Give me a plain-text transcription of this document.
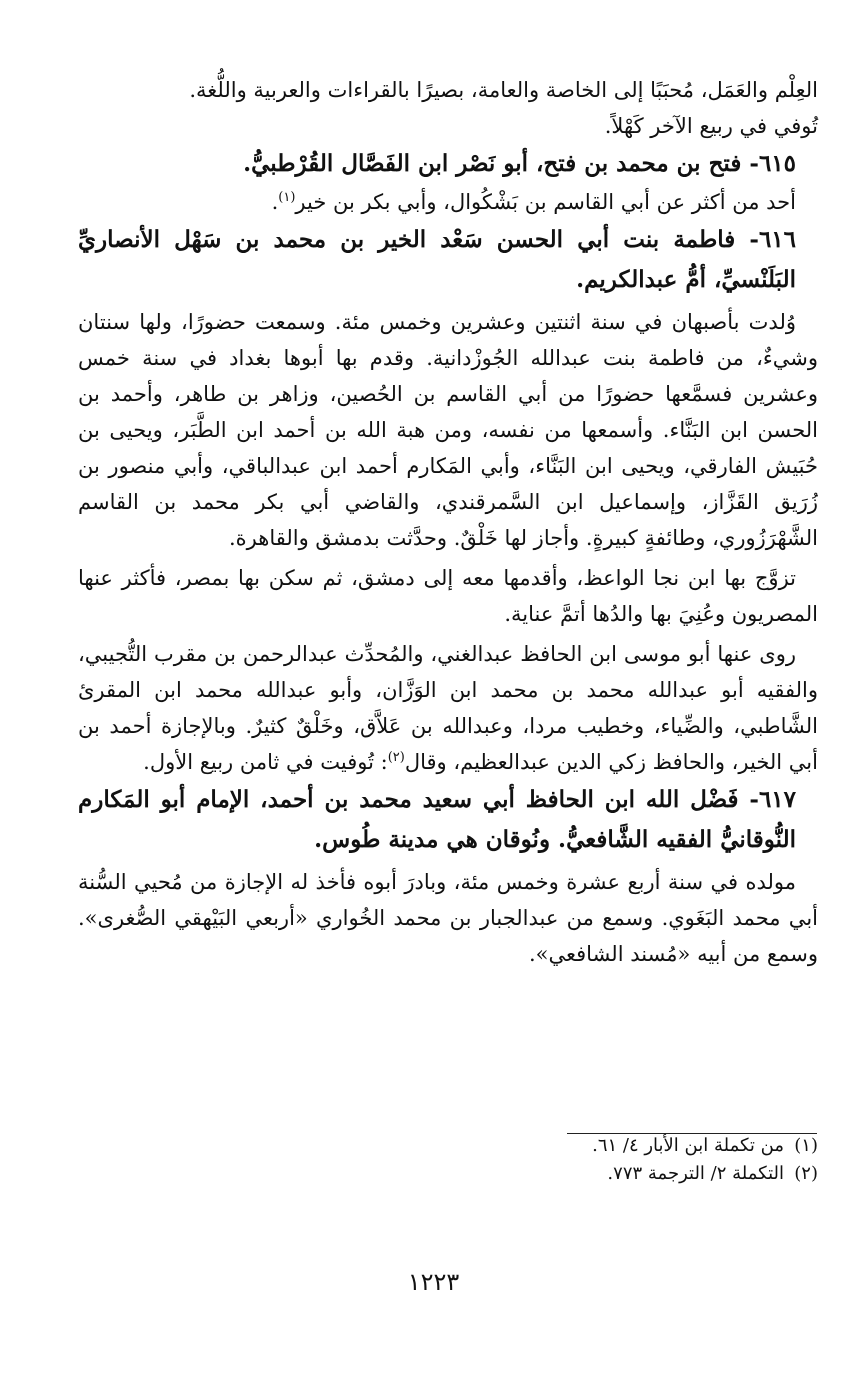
العِلْم والعَمَل، مُحبَبًا إلى الخاصة والعامة، بصيرًا بالقراءات والعربية واللُّغة.

تُوفي في ربيع الآخر كَهْلاً.

٦١٥- فتح بن محمد بن فتح، أبو نَصْر ابن الفَصَّال القُرْطبيُّ.

أحد من أكثر عن أبي القاسم بن بَشْكُوال، وأبي بكر بن خير$^{(١)}$.

٦١٦- فاطمة بنت أبي الحسن سَعْد الخير بن محمد بن سَهْل الأنصاريِّ البَلَنْسيِّ، أمُّ عبدالكريم.

وُلدت بأصبهان في سنة اثنتين وعشرين وخمس مئة. وسمعت حضورًا، ولها سنتان وشيءٌ، من فاطمة بنت عبدالله الجُوزْدانية. وقدم بها أبوها بغداد في سنة خمس وعشرين فسمَّعها حضورًا من أبي القاسم بن الحُصين، وزاهر بن طاهر، وأحمد بن الحسن ابن البَنَّاء. وأسمعها من نفسه، ومن هبة الله بن أحمد ابن الطَّبَر، ويحيى بن حُبَيش الفارقي، ويحيى ابن البَنَّاء، وأبي المَكارم أحمد ابن عبدالباقي، وأبي منصور بن زُرَيق القَزَّاز، وإسماعيل ابن السَّمرقندي، والقاضي أبي بكر محمد بن القاسم الشَّهْرَزُوري، وطائفةٍ كبيرةٍ. وأجاز لها خَلْقٌ. وحدَّثت بدمشق والقاهرة.

تزوَّج بها ابن نجا الواعظ، وأقدمها معه إلى دمشق، ثم سكن بها بمصر، فأكثر عنها المصريون وعُنِيَ بها والدُها أتمَّ عناية.

روى عنها أبو موسى ابن الحافظ عبدالغني، والمُحدِّث عبدالرحمن بن مقرب التُّجيبي، والفقيه أبو عبدالله محمد بن محمد ابن الوَزَّان، وأبو عبدالله محمد ابن المقرئ الشَّاطبي، والضِّياء، وخطيب مردا، وعبدالله بن عَلاَّق، وخَلْقٌ كثيرٌ. وبالإجازة أحمد بن أبي الخير، والحافظ زكي الدين عبدالعظيم، وقال$^{(٢)}$: تُوفيت في ثامن ربيع الأول.

٦١٧- فَضْل الله ابن الحافظ أبي سعيد محمد بن أحمد، الإمام أبو المَكارم النُّوقانيُّ الفقيه الشَّافعيُّ. ونُوقان هي مدينة طُوس.

مولده في سنة أربع عشرة وخمس مئة، وبادرَ أبوه فأخذ له الإجازة من مُحيي السُّنة أبي محمد البَغَوي. وسمع من عبدالجبار بن محمد الخُواري «أربعي البَيْهقي الصُّغرى». وسمع من أبيه «مُسند الشافعي».

(١)من تكملة ابن الأبار ٤/ ٦١.

(٢)التكملة ٢/ الترجمة ٧٧٣.

١٢٢٣
